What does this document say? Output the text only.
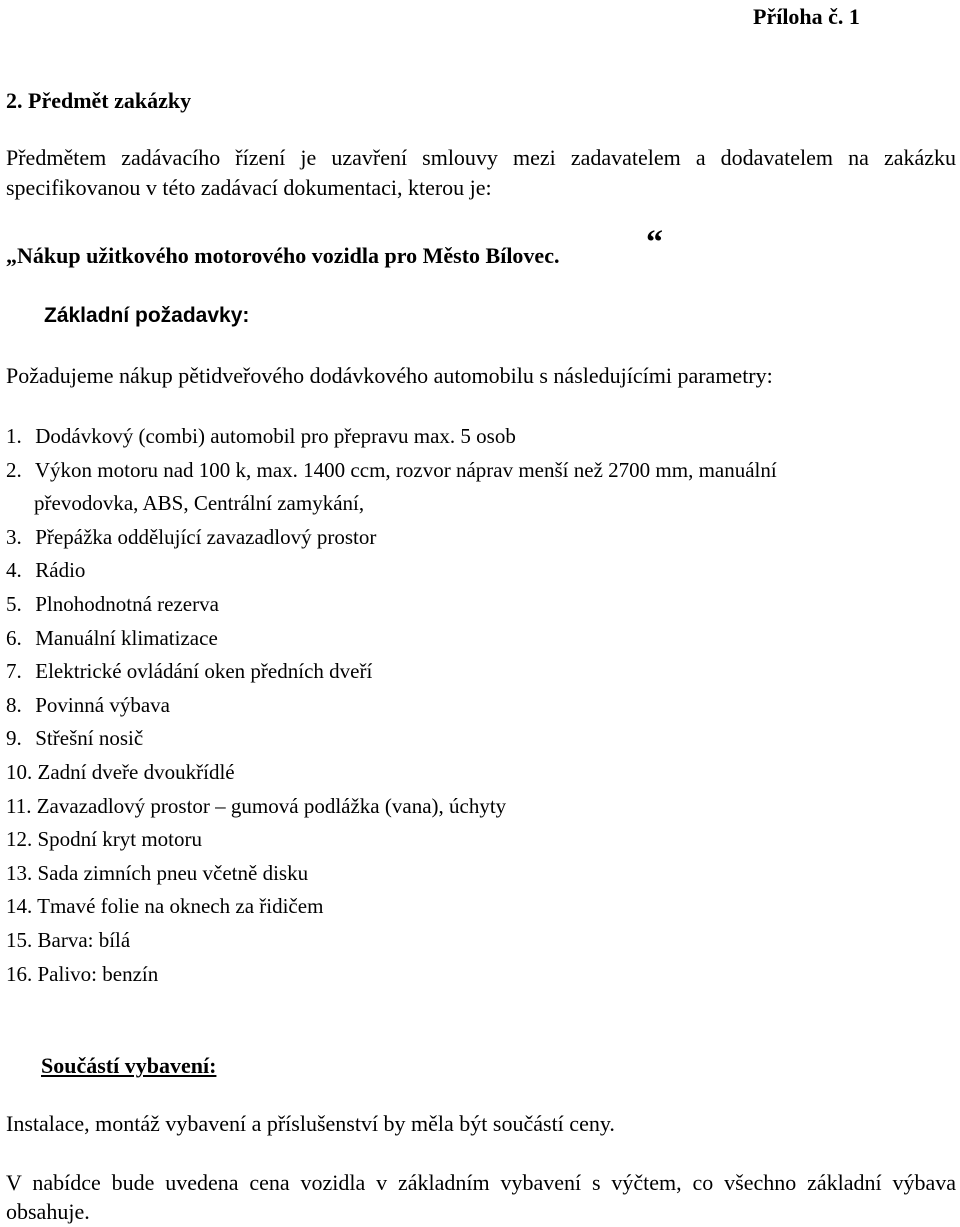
Příloha č. 1
2. Předmět zakázky
Předmětem zadávacího řízení je uzavření smlouvy mezi zadavatelem a dodavatelem na zakázku specifikovanou v této zadávací dokumentaci, kterou je:
„Nákup užitkového motorového vozidla pro Město Bílovec.	“
Základní požadavky:
Požadujeme nákup pětidveřového dodávkového automobilu s následujícími parametry:
1. Dodávkový (combi) automobil pro přepravu max. 5 osob
2. Výkon motoru nad 100 k, max. 1400 ccm, rozvor náprav menší než 2700 mm, manuální
převodovka, ABS, Centrální zamykání,
3. Přepážka oddělující zavazadlový prostor
4. Rádio
5. Plnohodnotná rezerva
6. Manuální klimatizace
7. Elektrické ovládání oken předních dveří
8. Povinná výbava
9. Střešní nosič
10. Zadní dveře dvoukřídlé
11. Zavazadlový prostor – gumová podlážka (vana), úchyty
12. Spodní kryt motoru
13. Sada zimních pneu včetně disku
14. Tmavé folie na oknech za řidičem
15. Barva: bílá
16. Palivo: benzín
Součástí vybavení:
Instalace, montáž vybavení a příslušenství by měla být součástí ceny.
V nabídce bude uvedena cena vozidla v základním vybavení s výčtem, co všechno základní výbava obsahuje.
